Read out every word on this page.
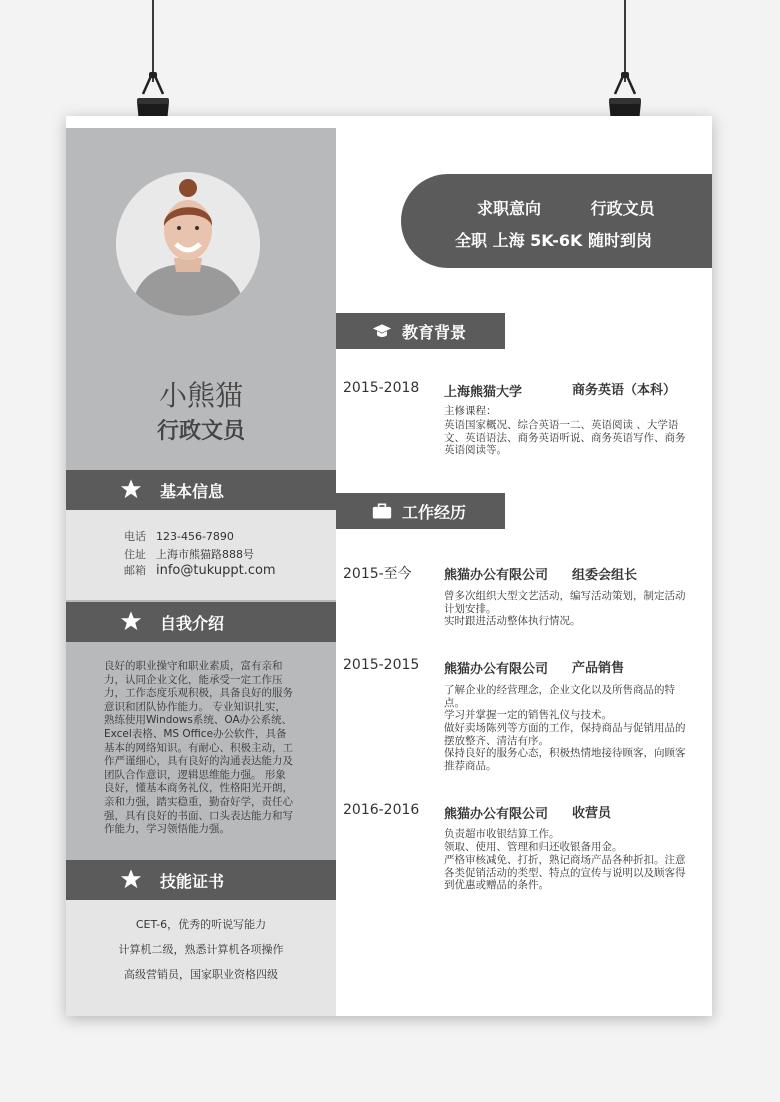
小熊猫
行政文员
基本信息
电话 123-456-7890
住址 上海市熊猫路888号
邮箱 info@tukuppt.com
自我介绍
良好的职业操守和职业素质，富有亲和力，认同企业文化，能承受一定工作压力，工作态度乐观积极，具备良好的服务意识和团队协作能力。 专业知识扎实，熟练使用Windows系统、OA办公系统、Excel表格、MS Office办公软件，具备基本的网络知识。有耐心、积极主动，工作严谨细心，具有良好的沟通表达能力及团队合作意识，逻辑思维能力强。 形象良好，懂基本商务礼仪，性格阳光开朗，亲和力强，踏实稳重，勤奋好学，责任心强，具有良好的书面、口头表达能力和写作能力，学习领悟能力强。
技能证书
CET-6，优秀的听说写能力
计算机二级，熟悉计算机各项操作
高级营销员，国家职业资格四级
求职意向	行政文员
全职 上海 5K-6K 随时到岗
教育背景
2015-2018 上海熊猫大学	商务英语（本科）
主修课程：
英语国家概况、综合英语一二、英语阅读 、大学语文、英语语法、商务英语听说、商务英语写作、商务英语阅读等。
工作经历
2015-至今 熊猫办公有限公司 组委会组长
曾多次组织大型文艺活动，编写活动策划，制定活动计划安排。
实时跟进活动整体执行情况。
2015-2015 熊猫办公有限公司 产品销售
了解企业的经营理念，企业文化以及所售商品的特点。
学习并掌握一定的销售礼仪与技术。
做好卖场陈列等方面的工作，保持商品与促销用品的摆放整齐、清洁有序。
保持良好的服务心态，积极热情地接待顾客，向顾客推荐商品。
2016-2016 熊猫办公有限公司 收营员
负责超市收银结算工作。
领取、使用、管理和归还收银备用金。
严格审核减免、打折，熟记商场产品各种折扣。注意各类促销活动的类型、特点的宣传与说明以及顾客得到优惠或赠品的条件。
